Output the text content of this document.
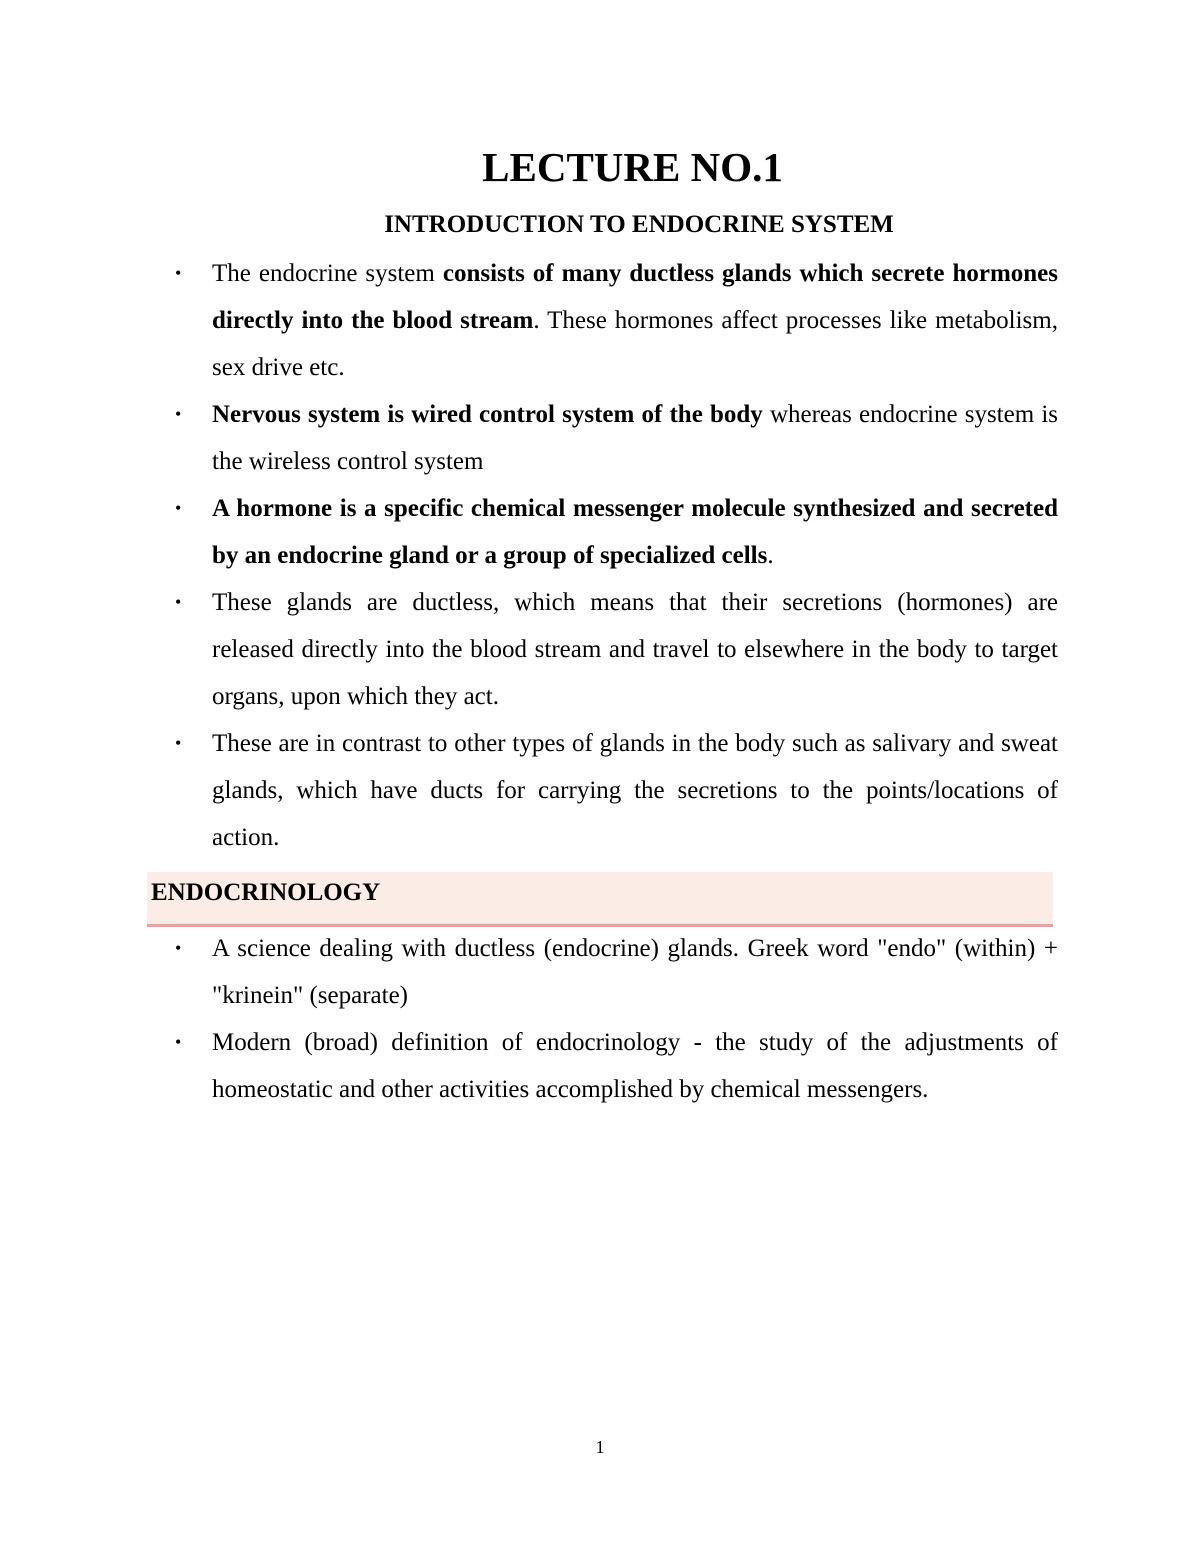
LECTURE NO.1
INTRODUCTION TO ENDOCRINE SYSTEM
• The endocrine system consists of many ductless glands which secrete hormones directly into the blood stream. These hormones affect processes like metabolism, sex drive etc.
• Nervous system is wired control system of the body whereas endocrine system is the wireless control system
• A hormone is a specific chemical messenger molecule synthesized and secreted by an endocrine gland or a group of specialized cells.
• These glands are ductless, which means that their secretions (hormones) are released directly into the blood stream and travel to elsewhere in the body to target organs, upon which they act.
• These are in contrast to other types of glands in the body such as salivary and sweat glands, which have ducts for carrying the secretions to the points/locations of action.
ENDOCRINOLOGY
• A science dealing with ductless (endocrine) glands. Greek word "endo" (within) + "krinein" (separate)
• Modern (broad) definition of endocrinology - the study of the adjustments of homeostatic and other activities accomplished by chemical messengers.
1
